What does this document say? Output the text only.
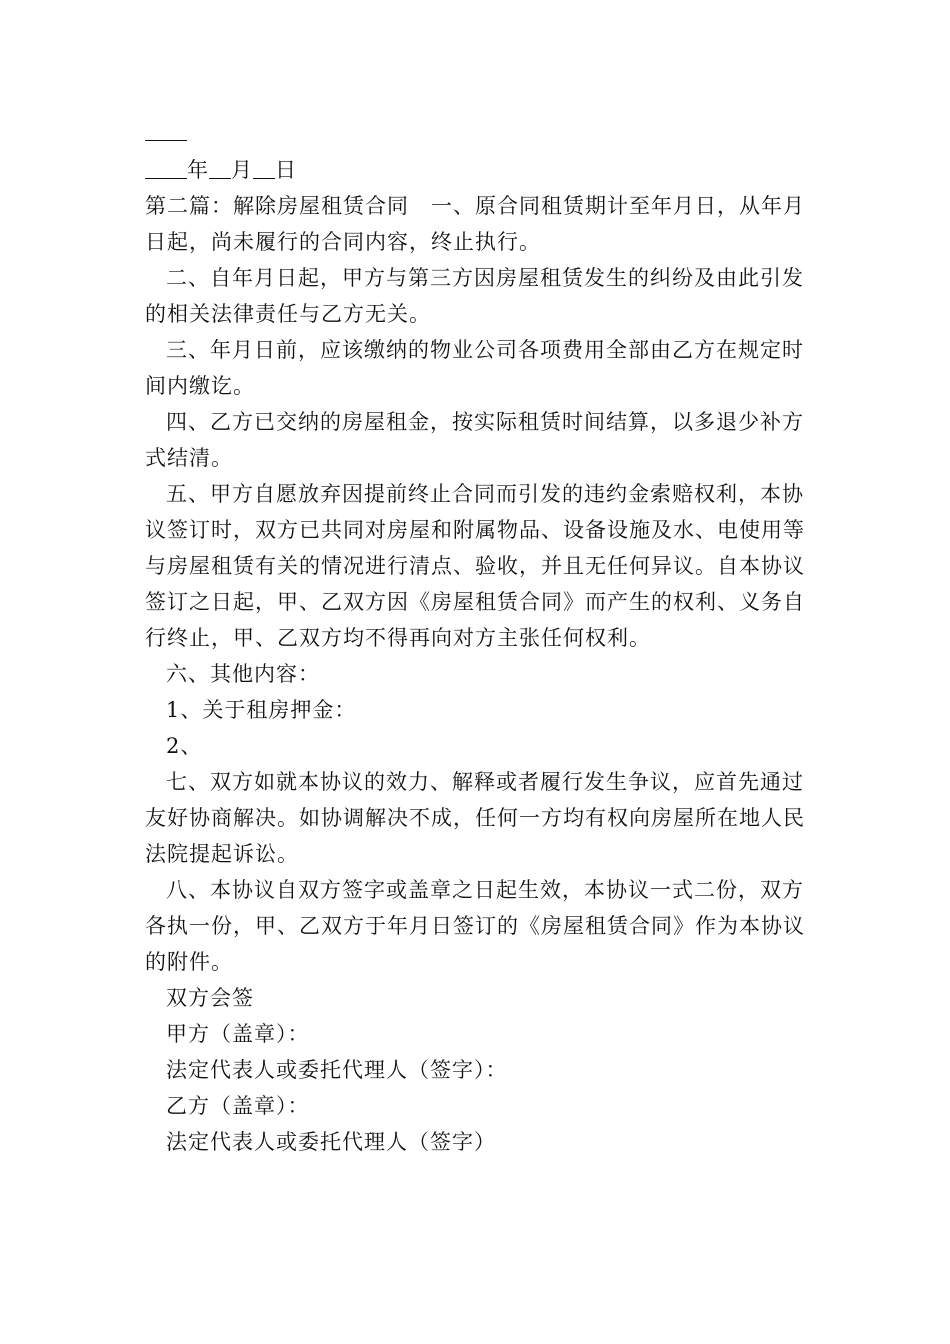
年 月 日

第二篇：解除房屋租赁合同　一、原合同租赁期计至年月日，从年月日起，尚未履行的合同内容，终止执行。

二、自年月日起，甲方与第三方因房屋租赁发生的纠纷及由此引发的相关法律责任与乙方无关。

三、年月日前，应该缴纳的物业公司各项费用全部由乙方在规定时间内缴讫。

四、乙方已交纳的房屋租金，按实际租赁时间结算，以多退少补方式结清。

五、甲方自愿放弃因提前终止合同而引发的违约金索赔权利，本协议签订时，双方已共同对房屋和附属物品、设备设施及水、电使用等与房屋租赁有关的情况进行清点、验收，并且无任何异议。自本协议签订之日起，甲、乙双方因《房屋租赁合同》而产生的权利、义务自行终止，甲、乙双方均不得再向对方主张任何权利。

六、其他内容：

1、关于租房押金：

2、

七、双方如就本协议的效力、解释或者履行发生争议，应首先通过友好协商解决。如协调解决不成，任何一方均有权向房屋所在地人民法院提起诉讼。

八、本协议自双方签字或盖章之日起生效，本协议一式二份，双方各执一份，甲、乙双方于年月日签订的《房屋租赁合同》作为本协议的附件。

双方会签

甲方（盖章）：

法定代表人或委托代理人（签字）：

乙方（盖章）：

法定代表人或委托代理人（签字）
